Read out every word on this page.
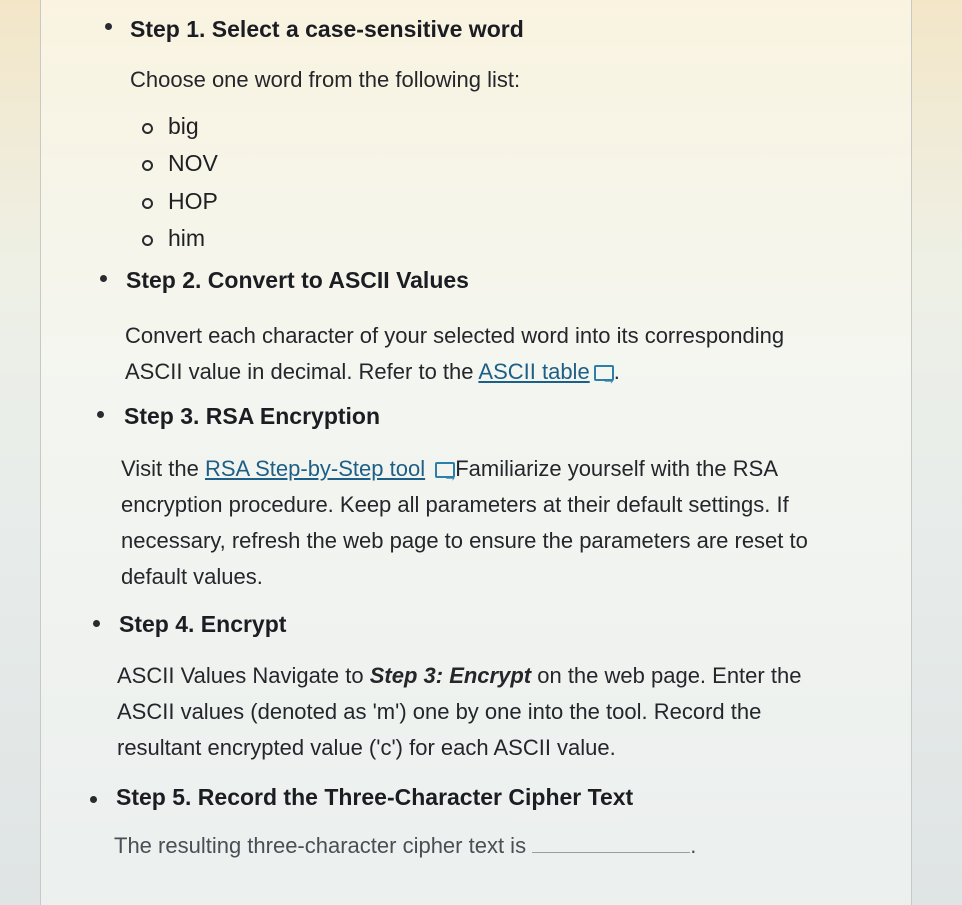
Step 1. Select a case-sensitive word
Choose one word from the following list:
big
NOV
HOP
him
Step 2. Convert to ASCII Values
Convert each character of your selected word into its corresponding
ASCII value in decimal. Refer to the ASCII table → .
Step 3. RSA Encryption
Visit the RSA Step-by-Step tool → Familiarize yourself with the RSA
encryption procedure. Keep all parameters at their default settings. If
necessary, refresh the web page to ensure the parameters are reset to
default values.
Step 4. Encrypt
ASCII Values Navigate to Step 3: Encrypt on the web page. Enter the
ASCII values (denoted as 'm') one by one into the tool. Record the
resultant encrypted value ('c') for each ASCII value.
Step 5. Record the Three-Character Cipher Text
The resulting three-character cipher text is	.
